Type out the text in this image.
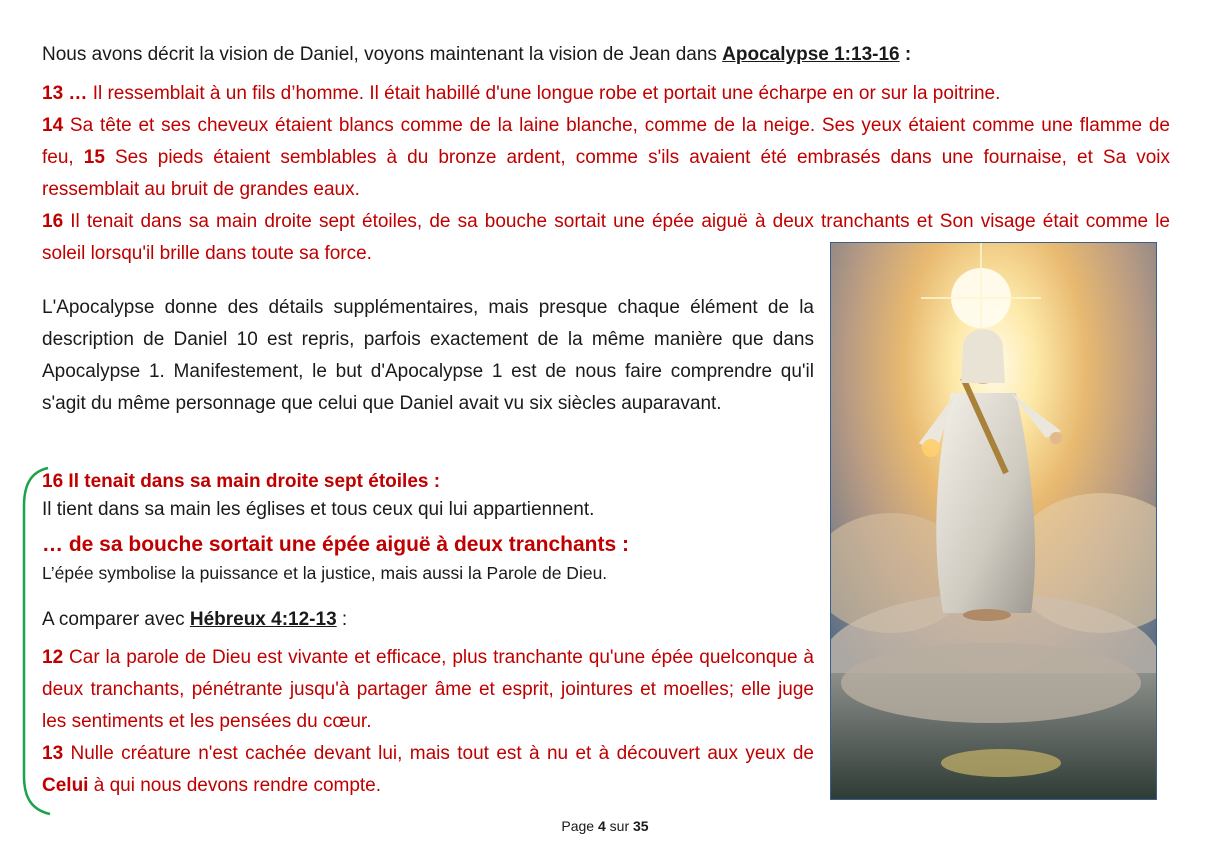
Nous avons décrit la vision de Daniel, voyons maintenant la vision de Jean dans Apocalypse 1:13-16 :

13 … Il ressemblait à un fils d’homme. Il était habillé d'une longue robe et portait une écharpe en or sur la poitrine.

14 Sa tête et ses cheveux étaient blancs comme de la laine blanche, comme de la neige. Ses yeux étaient comme une flamme de feu, 15 Ses pieds étaient semblables à du bronze ardent, comme s'ils avaient été embrasés dans une fournaise, et Sa voix ressemblait au bruit de grandes eaux.

16 Il tenait dans sa main droite sept étoiles, de sa bouche sortait une épée aiguë à deux tranchants et Son visage était comme le soleil lorsqu'il brille dans toute sa force.

L'Apocalypse donne des détails supplémentaires, mais presque chaque élément de la description de Daniel 10 est repris, parfois exactement de la même manière que dans Apocalypse 1. Manifestement, le but d'Apocalypse 1 est de nous faire comprendre qu'il s'agit du même personnage que celui que Daniel avait vu six siècles auparavant.
16 Il tenait dans sa main droite sept étoiles :
Il tient dans sa main les églises et tous ceux qui lui appartiennent.
… de sa bouche sortait une épée aiguë à deux tranchants :
L’épée symbolise la puissance et la justice, mais aussi la Parole de Dieu.
A comparer avec Hébreux 4:12-13 :

12 Car la parole de Dieu est vivante et efficace, plus tranchante qu'une épée quelconque à deux tranchants, pénétrante jusqu'à partager âme et esprit, jointures et moelles; elle juge les sentiments et les pensées du cœur.

13 Nulle créature n'est cachée devant lui, mais tout est à nu et à découvert aux yeux de Celui à qui nous devons rendre compte.

Page 4 sur 35
